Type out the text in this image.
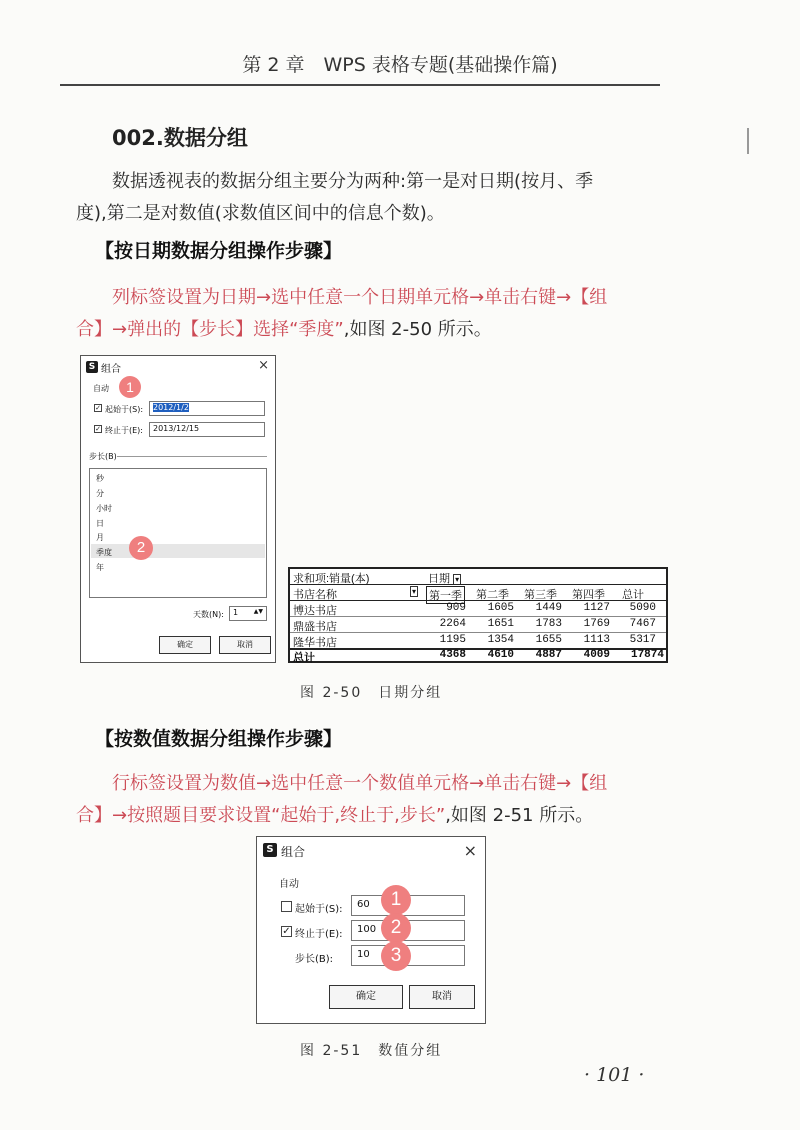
第 2 章　WPS 表格专题(基础操作篇)
002.数据分组
数据透视表的数据分组主要分为两种:第一是对日期(按月、季
度),第二是对数值(求数值区间中的信息个数)。
【按日期数据分组操作步骤】
列标签设置为日期→选中任意一个日期单元格→单击右键→【组
合】→弹出的【步长】选择“季度”,如图 2-50 所示。
S 组合	×
自动	1
✓ 起始于(S):	2012/1/2
✓ 终止于(E):	2013/12/15
步长(B)
秒
分
小时
日
月
季度
年
2
天数(N):	1	▲▼
确定	取消
求和项:销量(本)	日期 ▾
书店名称	▾ 第一季 第二季 第三季 第四季 总计
博达书店	909	1605	1449	1127	5090
鼎盛书店	2264	1651	1783	1769	7467
隆华书店	1195	1354	1655	1113	5317
总计	4368	4610	4887	4009	17874
图 2-50　日期分组
【按数值数据分组操作步骤】
行标签设置为数值→选中任意一个数值单元格→单击右键→【组
合】→按照题目要求设置“起始于,终止于,步长”,如图 2-51 所示。
S 组合	×
自动
起始于(S):	60
✓ 终止于(E):	100
步长(B):	10
1
2
3
确定	取消
图 2-51　数值分组
· 101 ·
